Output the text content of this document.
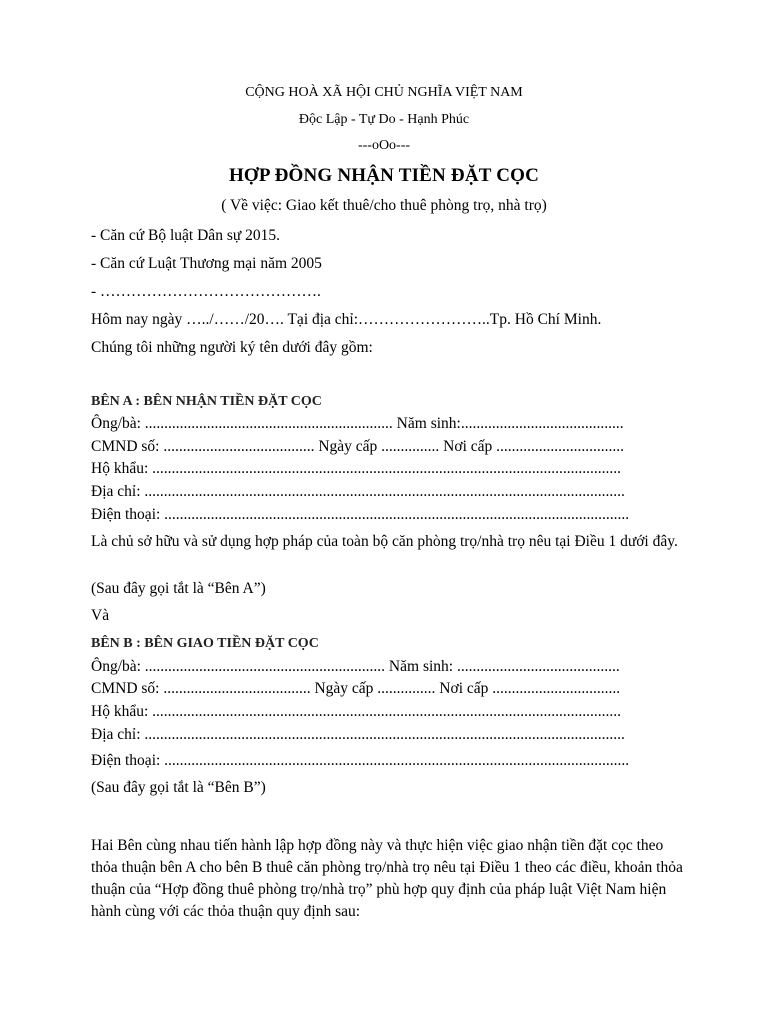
CỘNG HOÀ XÃ HỘI CHỦ NGHĨA VIỆT NAM
Độc Lập - Tự Do - Hạnh Phúc
---oOo---
HỢP ĐỒNG NHẬN TIỀN ĐẶT CỌC
( Về việc: Giao kết thuê/cho thuê phòng trọ, nhà trọ)
- Căn cứ Bộ luật Dân sự 2015.
- Căn cứ Luật Thương mại năm 2005
- …………………………………….
Hôm nay ngày …../……/20…. Tại địa chỉ:……………………..Tp. Hồ Chí Minh.
Chúng tôi những người ký tên dưới đây gồm:
BÊN A : BÊN NHẬN TIỀN ĐẶT CỌC
Ông/bà: ................................................................ Năm sinh:..........................................
CMND số: ....................................... Ngày cấp ............... Nơi cấp .................................
Hộ khẩu: .........................................................................................................................
Địa chỉ: ............................................................................................................................
Điện thoại: ........................................................................................................................
Là chủ sở hữu và sử dụng hợp pháp của toàn bộ căn phòng trọ/nhà trọ nêu tại Điều 1 dưới đây.
(Sau đây gọi tắt là “Bên A”)
Và
BÊN B : BÊN GIAO TIỀN ĐẶT CỌC
Ông/bà: .............................................................. Năm sinh: ..........................................
CMND số: ...................................... Ngày cấp ............... Nơi cấp .................................
Hộ khẩu: .........................................................................................................................
Địa chỉ: ............................................................................................................................
Điện thoại: ........................................................................................................................
(Sau đây gọi tắt là “Bên B”)
Hai Bên cùng nhau tiến hành lập hợp đồng này và thực hiện việc giao nhận tiền đặt cọc theo thỏa thuận bên A cho bên B thuê căn phòng trọ/nhà trọ nêu tại Điều 1 theo các điều, khoản thỏa thuận của “Hợp đồng thuê phòng trọ/nhà trọ” phù hợp quy định của pháp luật Việt Nam hiện hành cùng với các thỏa thuận quy định sau:
